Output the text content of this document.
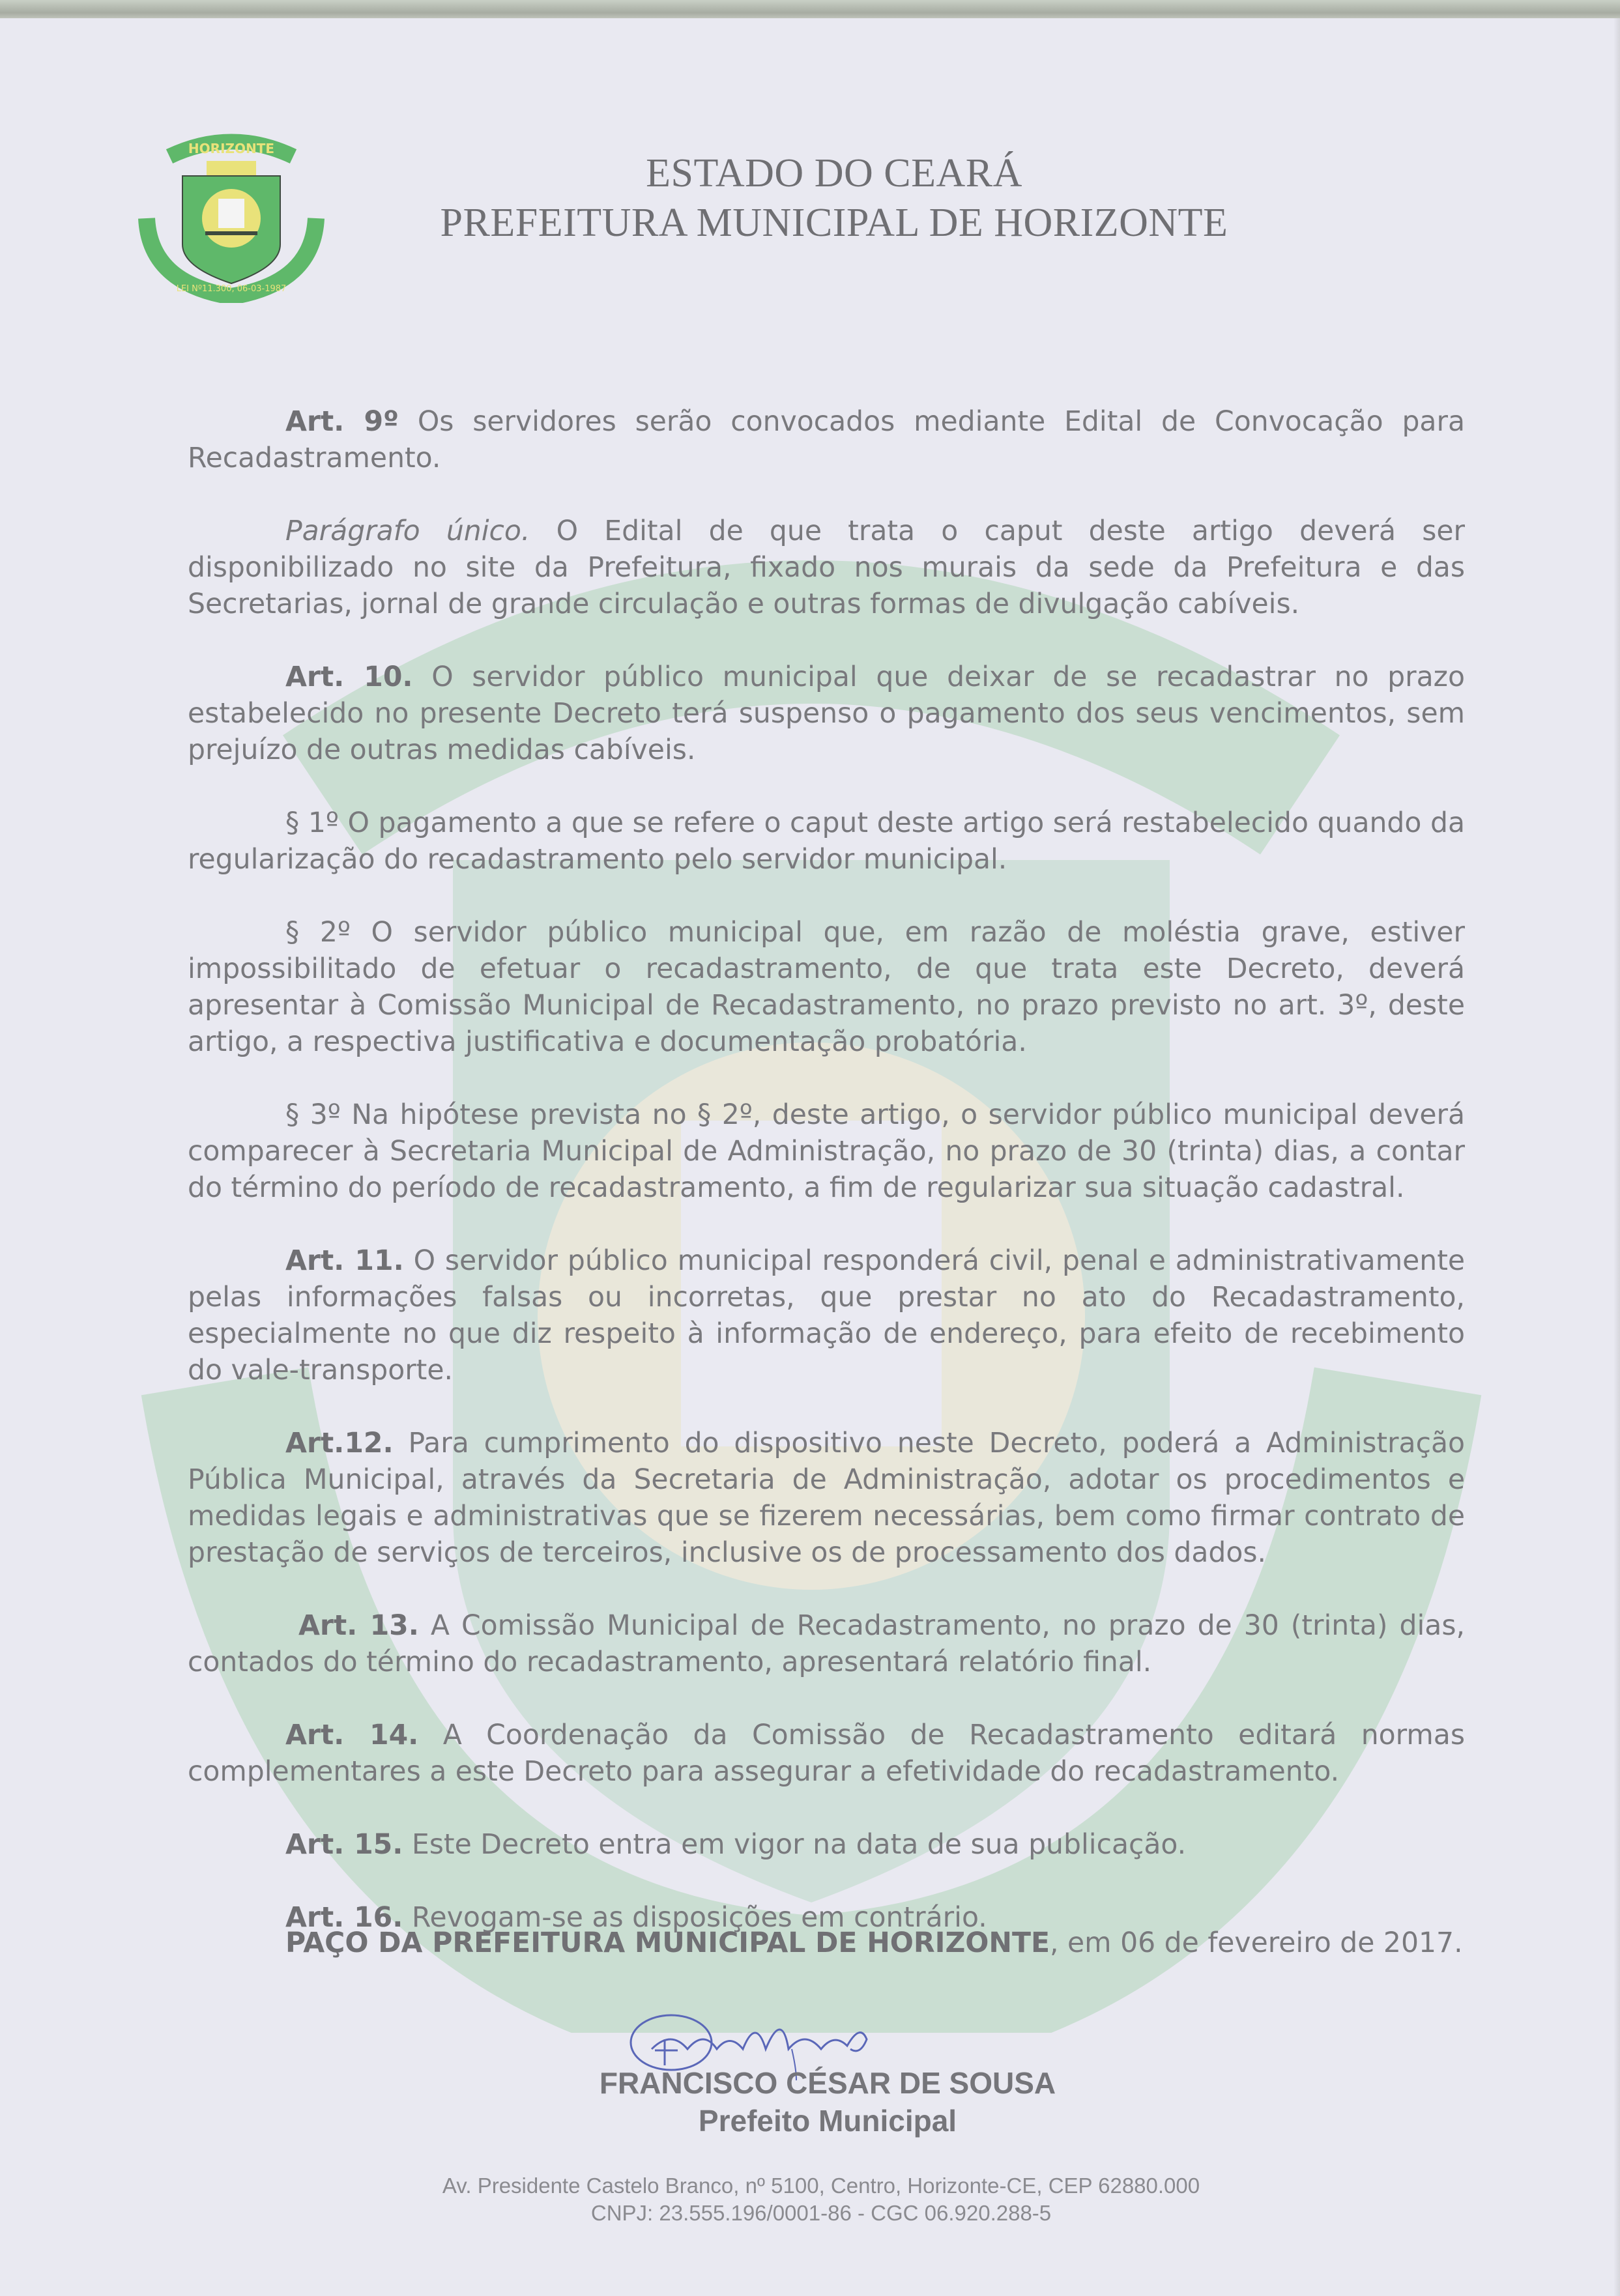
HORIZONTE
LEI Nº11.300, 06-03-1987
ESTADO DO CEARÁ
PREFEITURA MUNICIPAL DE HORIZONTE

Art. 9º Os servidores serão convocados mediante Edital de Convocação para Recadastramento.

Parágrafo único. O Edital de que trata o caput deste artigo deverá ser disponibilizado no site da Prefeitura, fixado nos murais da sede da Prefeitura e das Secretarias, jornal de grande circulação e outras formas de divulgação cabíveis.

Art. 10. O servidor público municipal que deixar de se recadastrar no prazo estabelecido no presente Decreto terá suspenso o pagamento dos seus vencimentos, sem prejuízo de outras medidas cabíveis.

§ 1º O pagamento a que se refere o caput deste artigo será restabelecido quando da regularização do recadastramento pelo servidor municipal.

§ 2º O servidor público municipal que, em razão de moléstia grave, estiver impossibilitado de efetuar o recadastramento, de que trata este Decreto, deverá apresentar à Comissão Municipal de Recadastramento, no prazo previsto no art. 3º, deste artigo, a respectiva justificativa e documentação probatória.

§ 3º Na hipótese prevista no § 2º, deste artigo, o servidor público municipal deverá comparecer à Secretaria Municipal de Administração, no prazo de 30 (trinta) dias, a contar do término do período de recadastramento, a fim de regularizar sua situação cadastral.

Art. 11. O servidor público municipal responderá civil, penal e administrativamente pelas informações falsas ou incorretas, que prestar no ato do Recadastramento, especialmente no que diz respeito à informação de endereço, para efeito de recebimento do vale-transporte.

Art.12. Para cumprimento do dispositivo neste Decreto, poderá a Administração Pública Municipal, através da Secretaria de Administração, adotar os procedimentos e medidas legais e administrativas que se fizerem necessárias, bem como firmar contrato de prestação de serviços de terceiros, inclusive os de processamento dos dados.

Art. 13. A Comissão Municipal de Recadastramento, no prazo de 30 (trinta) dias, contados do término do recadastramento, apresentará relatório final.

Art. 14. A Coordenação da Comissão de Recadastramento editará normas complementares a este Decreto para assegurar a efetividade do recadastramento.

Art. 15. Este Decreto entra em vigor na data de sua publicação.

Art. 16. Revogam-se as disposições em contrário.

PAÇO DA PREFEITURA MUNICIPAL DE HORIZONTE, em 06 de fevereiro de 2017.
FRANCISCO CÉSAR DE SOUSA
Prefeito Municipal
Av. Presidente Castelo Branco, nº 5100, Centro, Horizonte-CE, CEP 62880.000
CNPJ: 23.555.196/0001-86 - CGC 06.920.288-5
